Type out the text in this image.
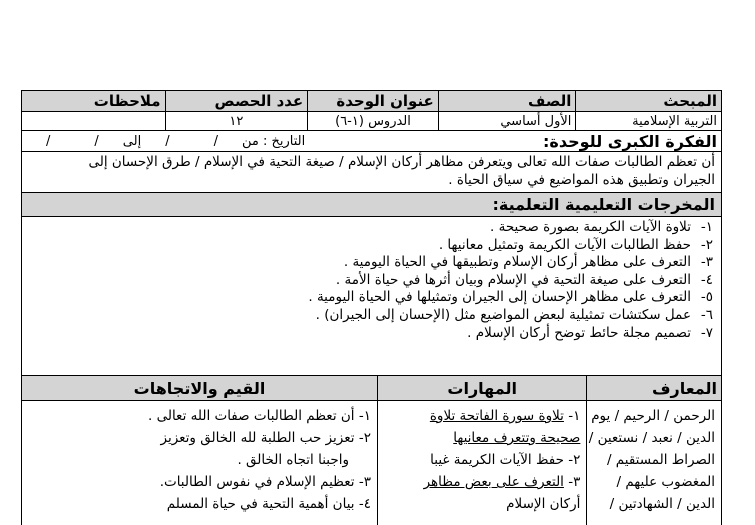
المبحث
الصف
عنوان الوحدة
عدد الحصص
ملاحظات
التربية الإسلامية
الأول أساسي
الدروس (١-٦)
١٢
الفكرة الكبرى للوحدة:
التاريخ : من
/
/
إلى
/
/
أن تعظم الطالبات صفات الله تعالى ويتعرفن مظاهر أركان الإسلام / صيغة التحية في الإسلام / طرق الإحسان إلى
الجيران وتطبيق هذه المواضيع في سياق الحياة .
المخرجات التعليمية التعلمية:
١-تلاوة الآيات الكريمة بصورة صحيحة .
٢-حفظ الطالبات الآيات الكريمة وتمثيل معانيها .
٣-التعرف على مظاهر أركان الإسلام وتطبيقها في الحياة اليومية .
٤-التعرف على صيغة التحية في الإسلام وبيان أثرها في حياة الأمة .
٥-التعرف على مظاهر الإحسان إلى الجيران وتمثيلها في الحياة اليومية .
٦-عمل سكتشات تمثيلية لبعض المواضيع مثل (الإحسان إلى الجيران) .
٧-تصميم مجلة حائط توضح أركان الإسلام .
المعارف
المهارات
القيم والاتجاهات
الرحمن / الرحيم / يوم
الدين / نعبد / نستعين /
الصراط المستقيم /
المغضوب عليهم /
الدين / الشهادتين /
١- تلاوة سورة الفاتحة تلاوة
صحيحة وتتعرف معانيها
٢- حفظ الآيات الكريمة غيبا
٣- التعرف على بعض مظاهر
أركان الإسلام
١- أن تعظم الطالبات صفات الله تعالى .
٢- تعزيز حب الطلبة لله الخالق وتعزيز
واجبنا اتجاه الخالق .
٣- تعظيم الإسلام في نفوس الطالبات.
٤- بيان أهمية التحية في حياة المسلم
